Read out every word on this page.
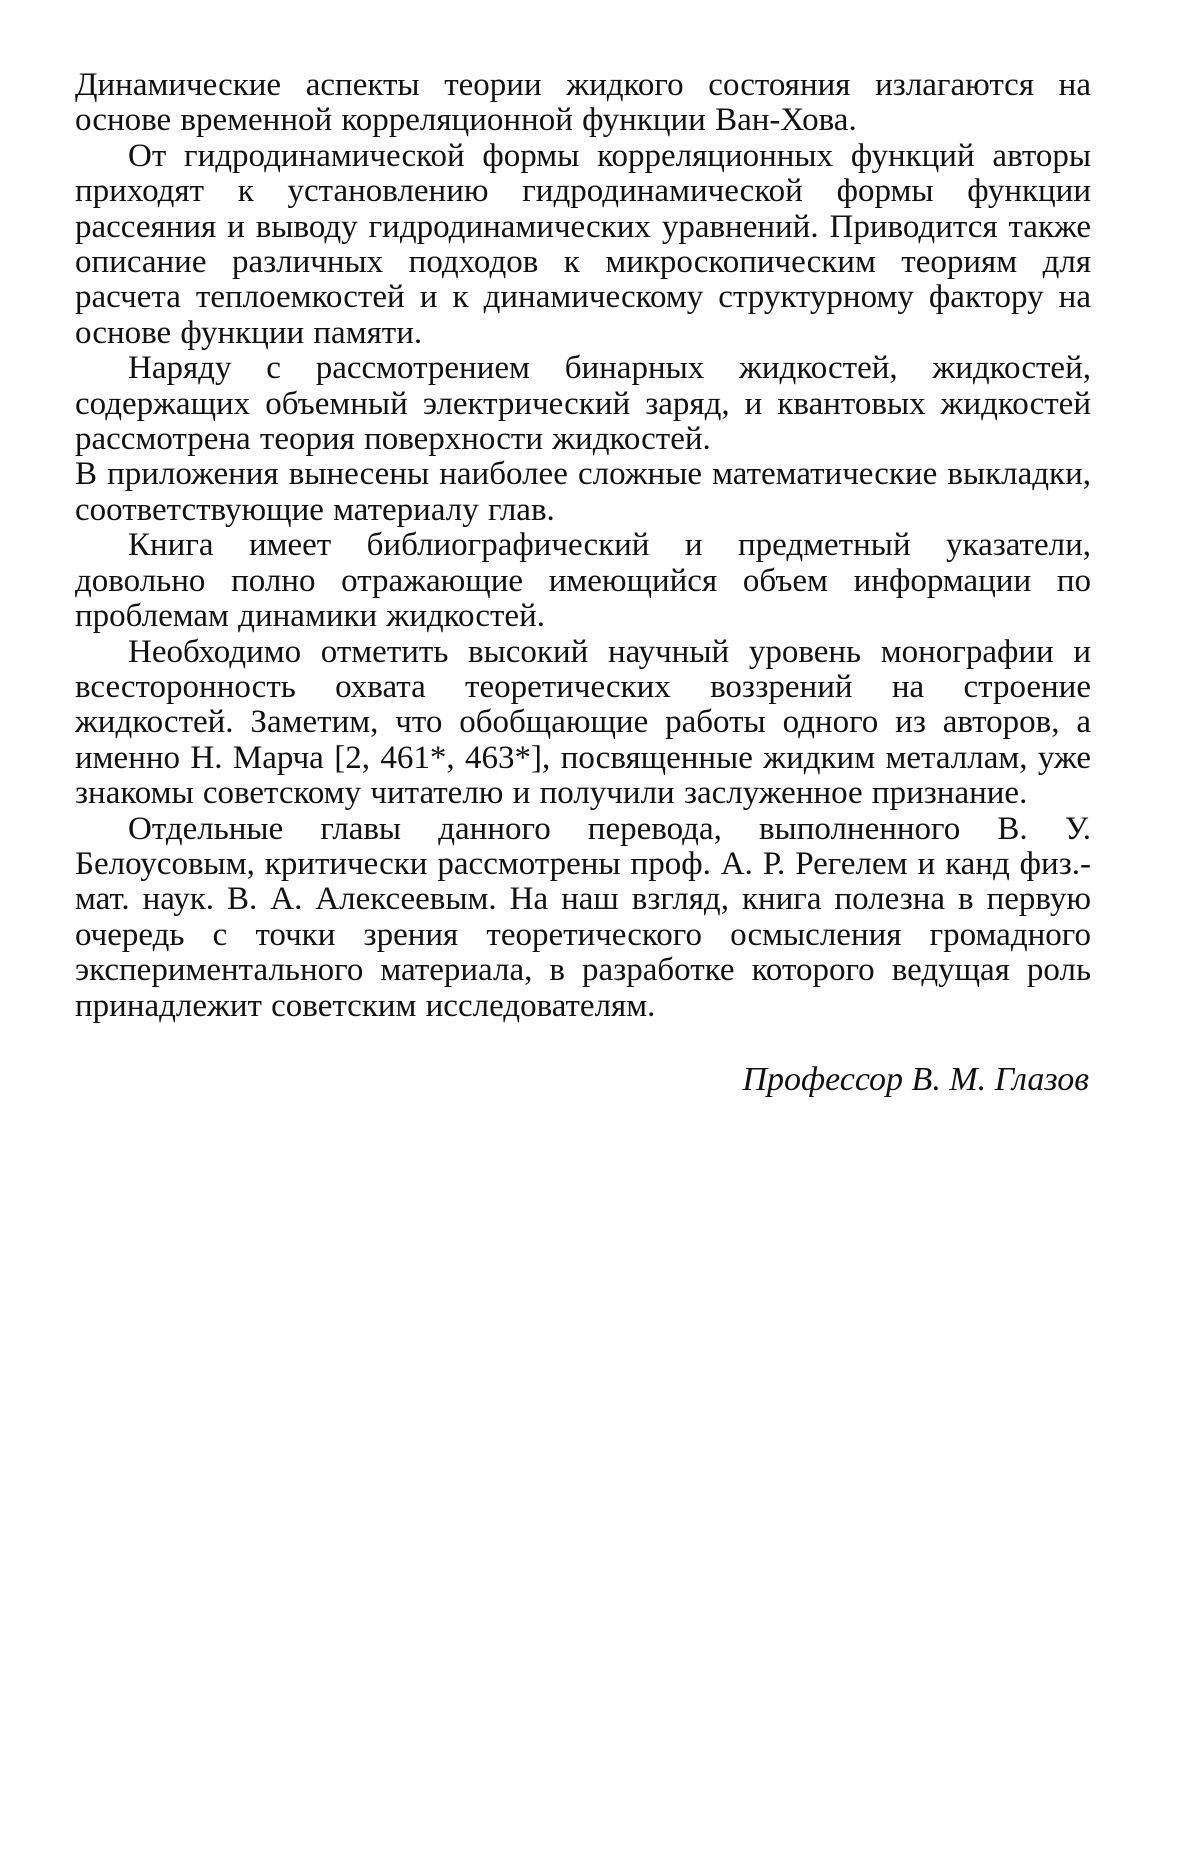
Динамические аспекты теории жидкого состояния излагаются на основе временной корреляционной функции Ван-Хова.

От гидродинамической формы корреляционных функций авторы приходят к установлению гидродинамической формы функции рассеяния и выводу гидродинамических уравнений. Приводится также описание различных подходов к микроскопическим теориям для расчета теплоемкостей и к динамическому структурному фактору на основе функции памяти.

Наряду с рассмотрением бинарных жидкостей, жидкостей, содержащих объемный электрический заряд, и квантовых жидкостей рассмотрена теория поверхности жидкостей.

В приложения вынесены наиболее сложные математические выкладки, соответствующие материалу глав.

Книга имеет библиографический и предметный указатели, довольно полно отражающие имеющийся объем информации по проблемам динамики жидкостей.

Необходимо отметить высокий научный уровень монографии и всесторонность охвата теоретических воззрений на строение жидкостей. Заметим, что обобщающие работы одного из авторов, а именно Н. Марча [2, 461*, 463*], посвященные жидким металлам, уже знакомы советскому читателю и получили заслуженное признание.

Отдельные главы данного перевода, выполненного В. У. Белоусовым, критически рассмотрены проф. А. Р. Регелем и канд физ.-мат. наук. В. А. Алексеевым. На наш взгляд, книга полезна в первую очередь с точки зрения теоретического осмысления громадного экспериментального материала, в разработке которого ведущая роль принадлежит советским исследователям.

Профессор В. М. Глазов
